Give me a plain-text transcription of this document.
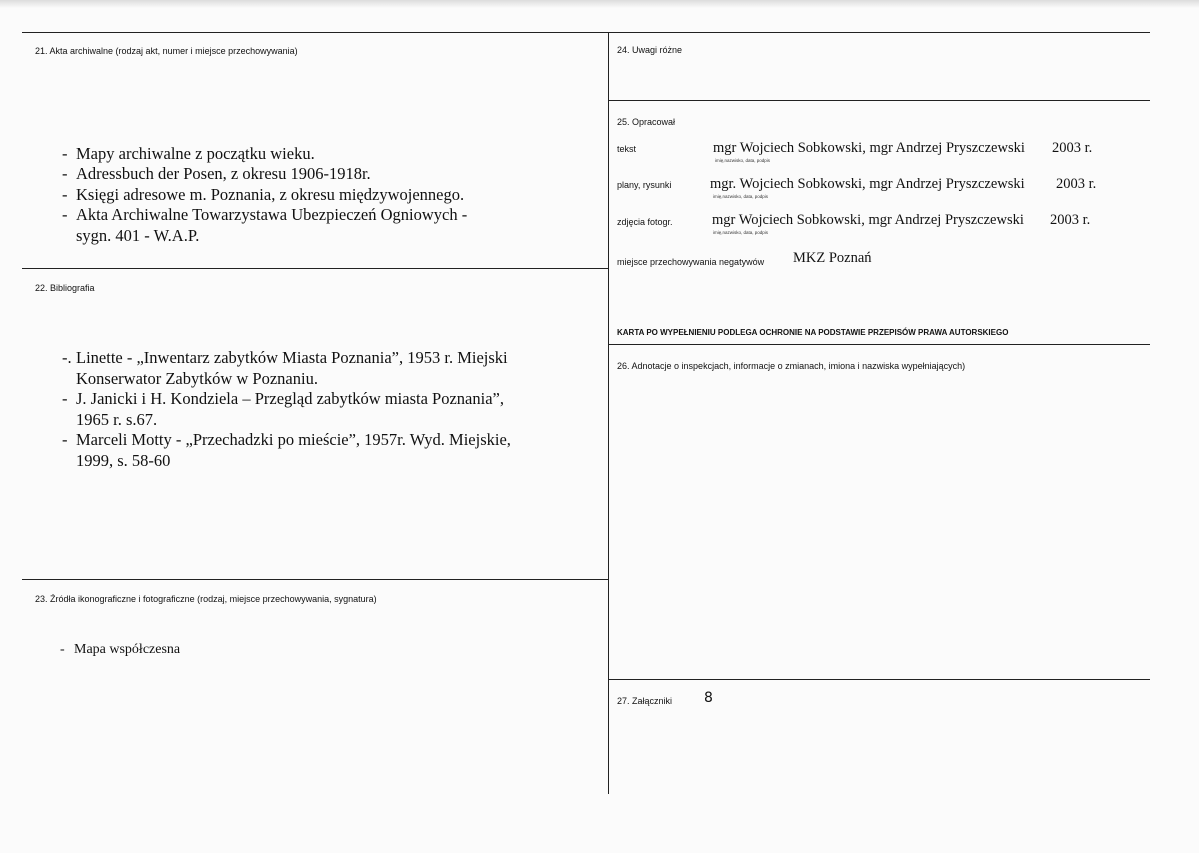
21. Akta archiwalne (rodzaj akt, numer i miejsce przechowywania)
- Mapy archiwalne z początku wieku.
- Adressbuch der Posen, z okresu 1906-1918r.
- Księgi adresowe m. Poznania, z okresu międzywojennego.
- Akta Archiwalne Towarzystawa Ubezpieczeń Ogniowych -
sygn. 401 - W.A.P.
22. Bibliografia
-. Linette - „Inwentarz zabytków Miasta Poznania”, 1953 r. Miejski
Konserwator Zabytków w Poznaniu.
- J. Janicki i H. Kondziela – Przegląd zabytków miasta Poznania”,
1965 r. s.67.
- Marceli Motty - „Przechadzki po mieście”, 1957r. Wyd. Miejskie,
1999, s. 58-60
23. Źródła ikonograficzne i fotograficzne (rodzaj, miejsce przechowywania, sygnatura)
- Mapa współczesna
24. Uwagi różne
25. Opracował
tekst	mgr Wojciech Sobkowski, mgr Andrzej Pryszczewski 2003 r.
imię,nazwisko, data, podpis
plany, rysunki	mgr. Wojciech Sobkowski, mgr Andrzej Pryszczewski 2003 r.
imię,nazwisko, data, podpis
zdjęcia fotogr.	mgr Wojciech Sobkowski, mgr Andrzej Pryszczewski 2003 r.
imię,nazwisko, data, podpis
miejsce przechowywania negatywów MKZ Poznań
KARTA PO WYPEŁNIENIU PODLEGA OCHRONIE NA PODSTAWIE PRZEPISÓW PRAWA AUTORSKIEGO
26. Adnotacje o inspekcjach, informacje o zmianach, imiona i nazwiska wypełniających)
27. Załączniki 8
